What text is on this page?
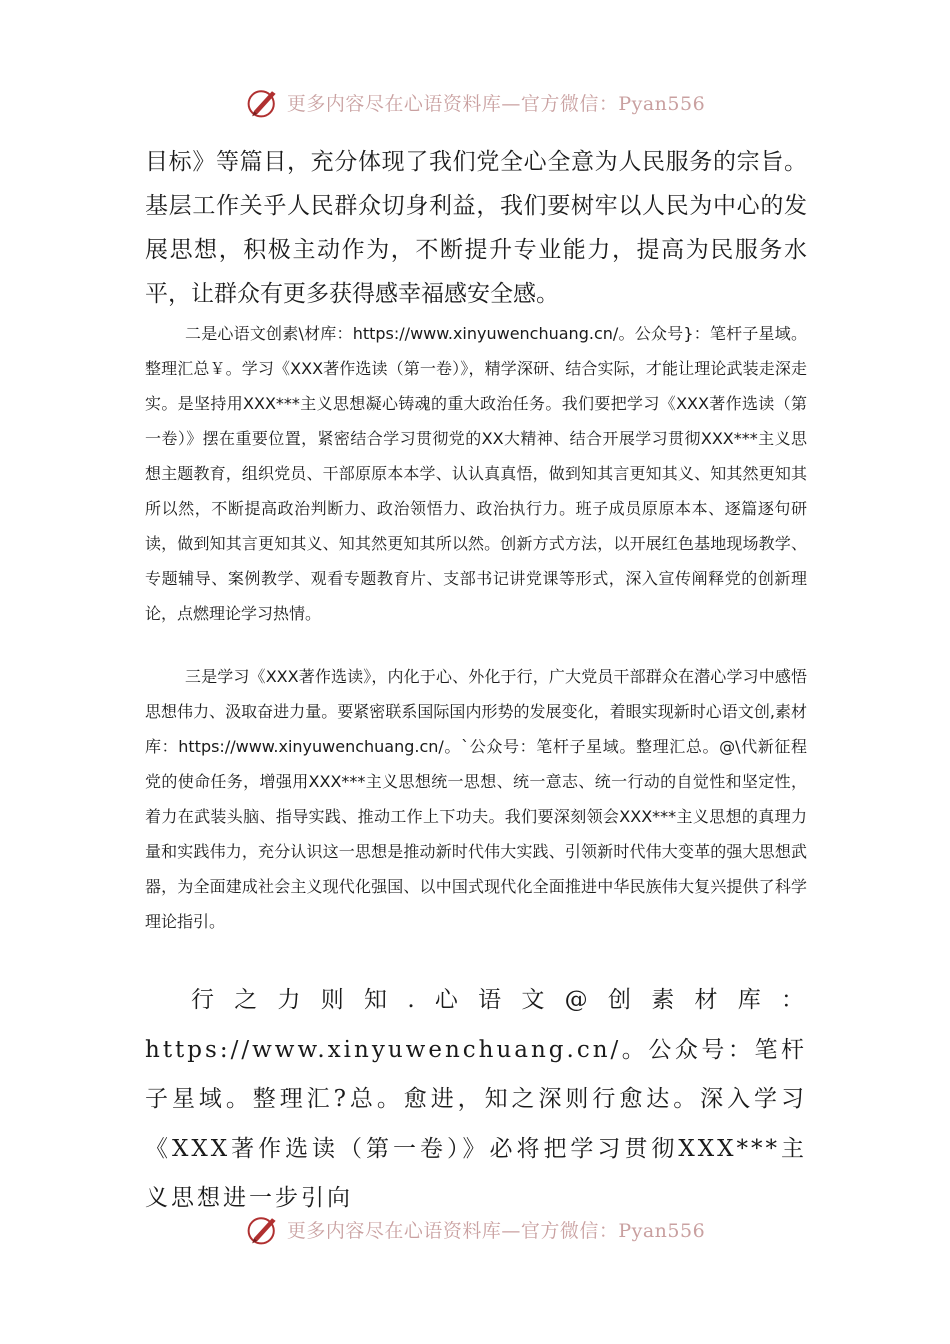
更多内容尽在心语资料库—官方微信：Pyan556

目标》等篇目，充分体现了我们党全心全意为人民服务的宗旨。基层工作关乎人民群众切身利益，我们要树牢以人民为中心的发展思想，积极主动作为，不断提升专业能力，提高为民服务水平，让群众有更多获得感幸福感安全感。

二是心语文创素\材库：https://www.xinyuwenchuang.cn/。公众号}：笔杆子星域。整理汇总￥。学习《XXX著作选读（第一卷）》，精学深研、结合实际，才能让理论武装走深走实。是坚持用XXX***主义思想凝心铸魂的重大政治任务。我们要把学习《XXX著作选读（第一卷）》摆在重要位置，紧密结合学习贯彻党的XX大精神、结合开展学习贯彻XXX***主义思想主题教育，组织党员、干部原原本本学、认认真真悟，做到知其言更知其义、知其然更知其所以然，不断提高政治判断力、政治领悟力、政治执行力。班子成员原原本本、逐篇逐句研读，做到知其言更知其义、知其然更知其所以然。创新方式方法，以开展红色基地现场教学、专题辅导、案例教学、观看专题教育片、支部书记讲党课等形式，深入宣传阐释党的创新理论，点燃理论学习热情。

三是学习《XXX著作选读》，内化于心、外化于行，广大党员干部群众在潜心学习中感悟思想伟力、汲取奋进力量。要紧密联系国际国内形势的发展变化，着眼实现新时心语文创,素材库：https://www.xinyuwenchuang.cn/。`公众号：笔杆子星域。整理汇总。@\代新征程党的使命任务，增强用XXX***主义思想统一思想、统一意志、统一行动的自觉性和坚定性，着力在武装头脑、指导实践、推动工作上下功夫。我们要深刻领会XXX***主义思想的真理力量和实践伟力，充分认识这一思想是推动新时代伟大实践、引领新时代伟大变革的强大思想武器，为全面建成社会主义现代化强国、以中国式现代化全面推进中华民族伟大复兴提供了科学理论指引。

行之力则知.心语文@创素材库：https://www.xinyuwenchuang.cn/。公众号：笔杆子星域。整理汇?总。愈进，知之深则行愈达。深入学习《XXX著作选读（第一卷）》必将把学习贯彻XXX***主义思想进一步引向

更多内容尽在心语资料库—官方微信：Pyan556
